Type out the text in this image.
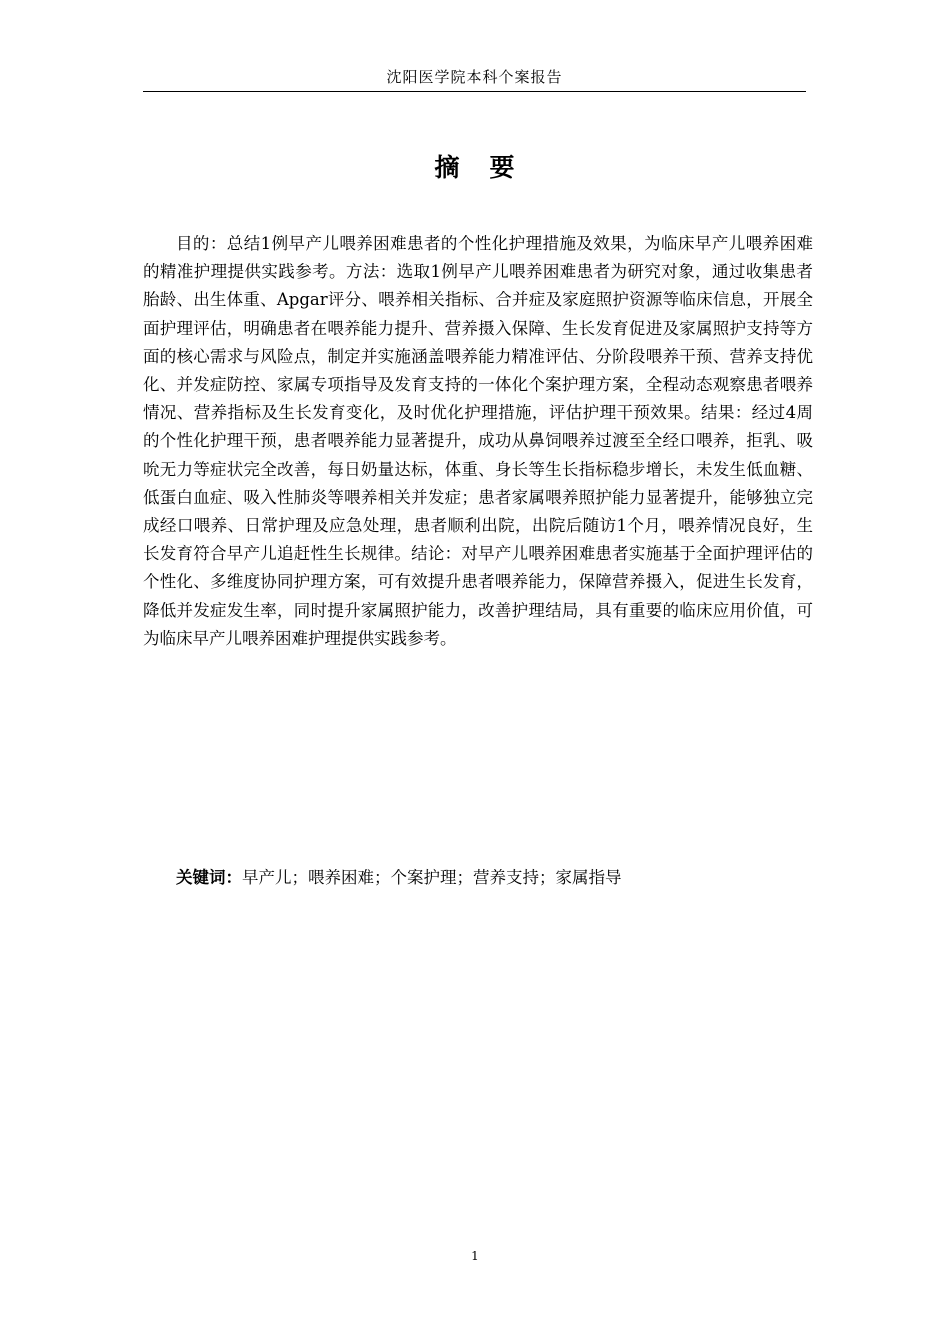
沈阳医学院本科个案报告
摘要

目的：总结1例早产儿喂养困难患者的个性化护理措施及效果，为临床早产儿喂养困难的精准护理提供实践参考。方法：选取1例早产儿喂养困难患者为研究对象，通过收集患者胎龄、出生体重、Apgar评分、喂养相关指标、合并症及家庭照护资源等临床信息，开展全面护理评估，明确患者在喂养能力提升、营养摄入保障、生长发育促进及家属照护支持等方面的核心需求与风险点，制定并实施涵盖喂养能力精准评估、分阶段喂养干预、营养支持优化、并发症防控、家属专项指导及发育支持的一体化个案护理方案，全程动态观察患者喂养情况、营养指标及生长发育变化，及时优化护理措施，评估护理干预效果。结果：经过4周的个性化护理干预，患者喂养能力显著提升，成功从鼻饲喂养过渡至全经口喂养，拒乳、吸吮无力等症状完全改善，每日奶量达标，体重、身长等生长指标稳步增长，未发生低血糖、低蛋白血症、吸入性肺炎等喂养相关并发症；患者家属喂养照护能力显著提升，能够独立完成经口喂养、日常护理及应急处理，患者顺利出院，出院后随访1个月，喂养情况良好，生长发育符合早产儿追赶性生长规律。结论：对早产儿喂养困难患者实施基于全面护理评估的个性化、多维度协同护理方案，可有效提升患者喂养能力，保障营养摄入，促进生长发育，降低并发症发生率，同时提升家属照护能力，改善护理结局，具有重要的临床应用价值，可为临床早产儿喂养困难护理提供实践参考。

关键词：早产儿；喂养困难；个案护理；营养支持；家属指导

1
